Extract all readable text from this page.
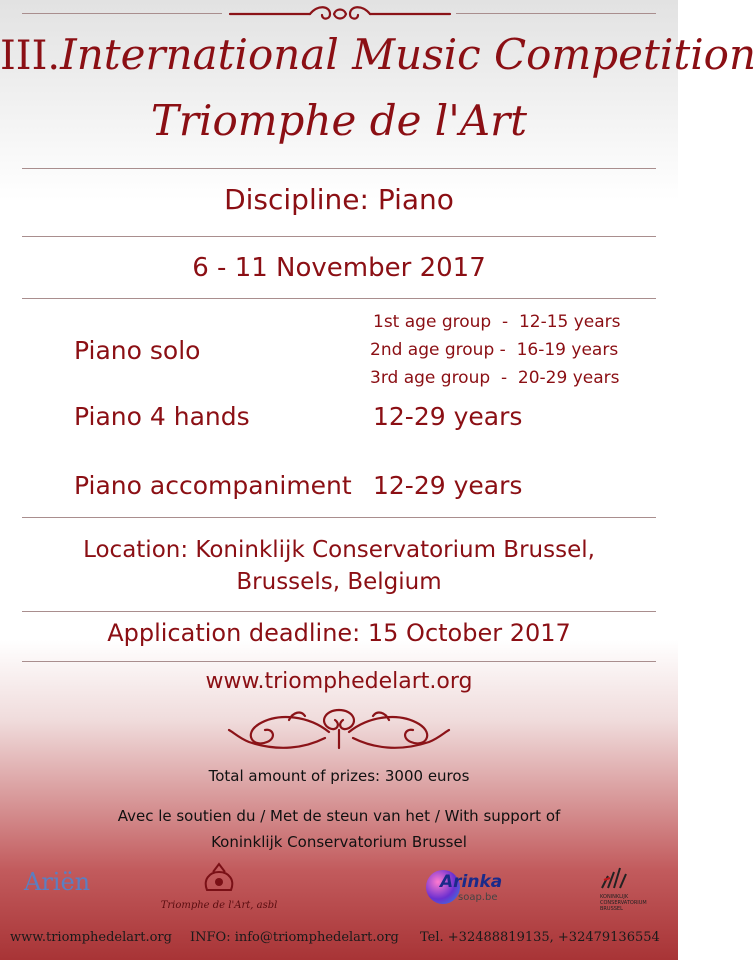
III.International Music Competition
Triomphe de l'Art
Discipline: Piano
6 - 11 November 2017
Piano solo
1st age group  -  12-15 years
2nd age group -  16-19 years
3rd age group  -  20-29 years
Piano 4 hands	12-29 years
Piano accompaniment 12-29 years
Location: Koninklijk Conservatorium Brussel,
Brussels, Belgium
Application deadline: 15 October 2017
www.triomphedelart.org
Total amount of prizes: 3000 euros
Avec le soutien du / Met de steun van het / With support of
Koninklijk Conservatorium Brussel
Ariën
Triomphe de l'Art, asbl
Arinka
soap.be	KONINKLIJK
CONSERVATORIUM
BRUSSEL
www.triomphedelart.org INFO: info@triomphedelart.org Tel. +32488819135, +32479136554
